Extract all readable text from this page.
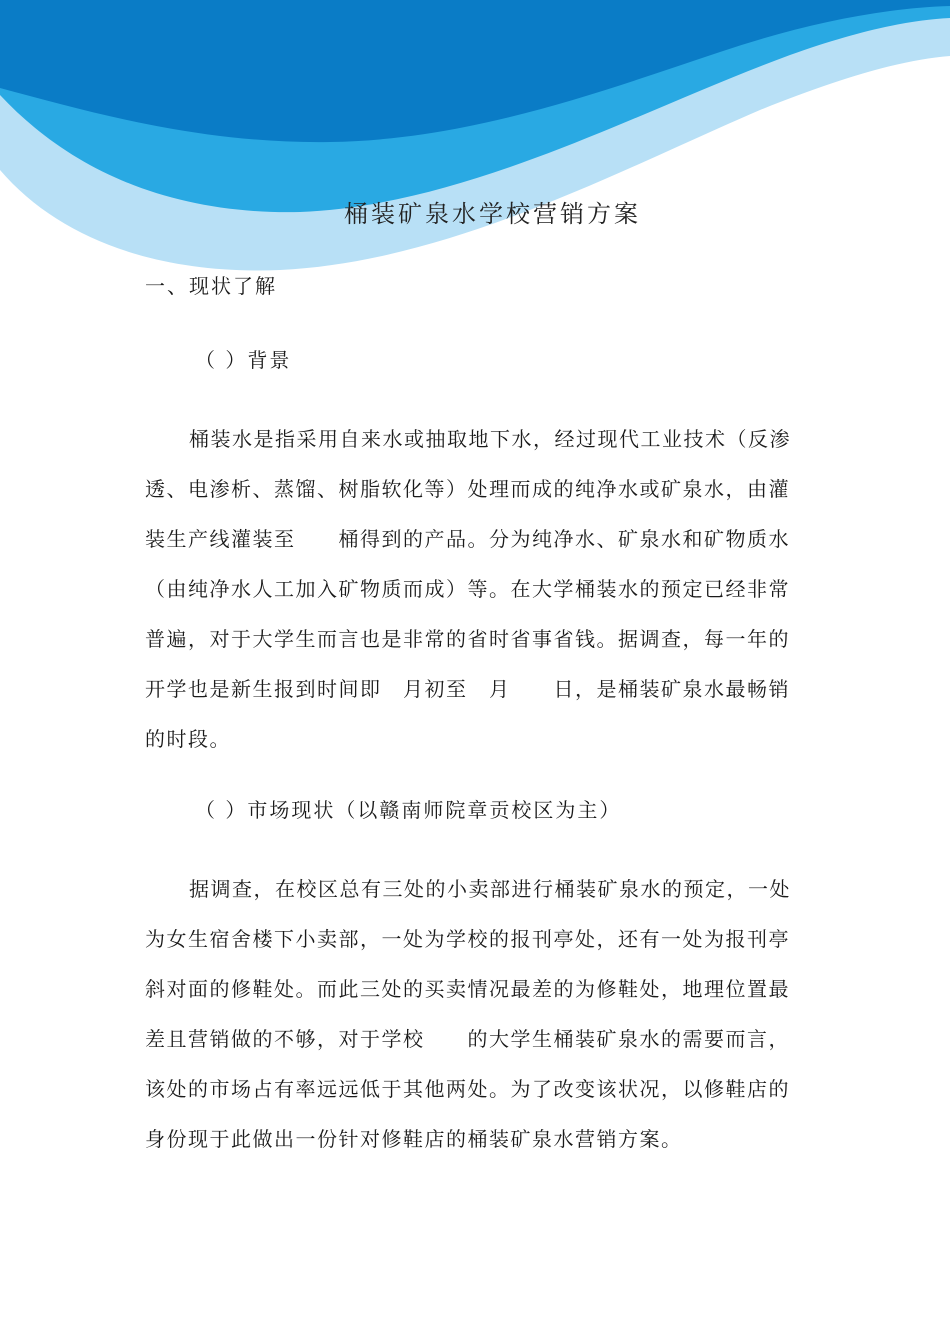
桶装矿泉水学校营销方案
一、现状了解
（ ）背景
桶装水是指采用自来水或抽取地下水，经过现代工业技术（反渗
透、电渗析、蒸馏、树脂软化等）处理而成的纯净水或矿泉水，由灌
装生产线灌装至　　桶得到的产品。分为纯净水、矿泉水和矿物质水
（由纯净水人工加入矿物质而成）等。在大学桶装水的预定已经非常
普遍，对于大学生而言也是非常的省时省事省钱。据调查，每一年的
开学也是新生报到时间即　月初至　月　　日，是桶装矿泉水最畅销
的时段。
（ ）市场现状（以赣南师院章贡校区为主）
据调查，在校区总有三处的小卖部进行桶装矿泉水的预定，一处
为女生宿舍楼下小卖部，一处为学校的报刊亭处，还有一处为报刊亭
斜对面的修鞋处。而此三处的买卖情况最差的为修鞋处，地理位置最
差且营销做的不够，对于学校　　的大学生桶装矿泉水的需要而言，
该处的市场占有率远远低于其他两处。为了改变该状况，以修鞋店的
身份现于此做出一份针对修鞋店的桶装矿泉水营销方案。
